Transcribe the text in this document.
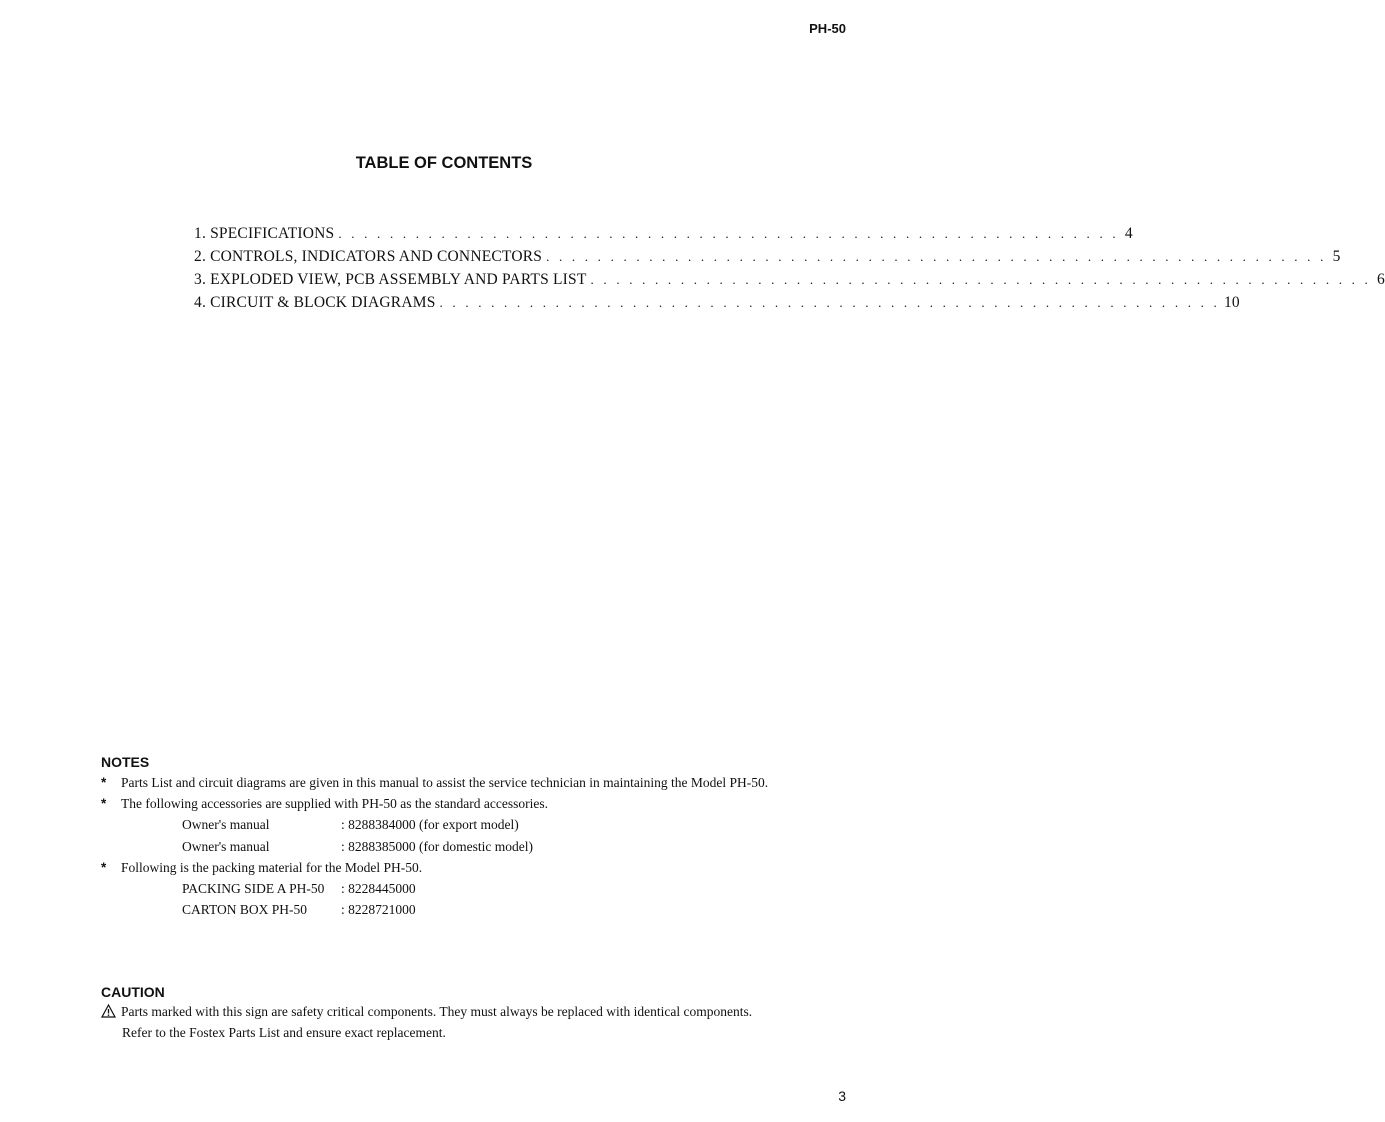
PH-50
TABLE OF CONTENTS
1. SPECIFICATIONS . . . . . . . . . . . . . . . . . . . . . . . . . . . . . . . . . . . . . . . . . . . . . . . . . . . . . . . . . . . . . 4
2. CONTROLS, INDICATORS AND CONNECTORS . . . . . . . . . . . . . . . . . . . . . . . . . . . . . . . . . . . . . . . . . . . . . . . . . . . . . . . . . . . . . 5
3. EXPLODED VIEW, PCB ASSEMBLY AND PARTS LIST . . . . . . . . . . . . . . . . . . . . . . . . . . . . . . . . . . . . . . . . . . . . . . . . . . . . . . . . . . . . . 6
4. CIRCUIT & BLOCK DIAGRAMS . . . . . . . . . . . . . . . . . . . . . . . . . . . . . . . . . . . . . . . . . . . . . . . . . . . . . . . . . . . . . 10
NOTES
* Parts List and circuit diagrams are given in this manual to assist the service technician in maintaining the Model PH-50.
* The following accessories are supplied with PH-50 as the standard accessories.
Owner's manual	: 8288384000 (for export model)
Owner's manual	: 8288385000 (for domestic model)
* Following is the packing material for the Model PH-50.
PACKING SIDE A PH-50 : 8228445000
CARTON BOX PH-50	: 8228721000
CAUTION
Parts marked with this sign are safety critical components. They must always be replaced with identical components.
Refer to the Fostex Parts List and ensure exact replacement.
3
